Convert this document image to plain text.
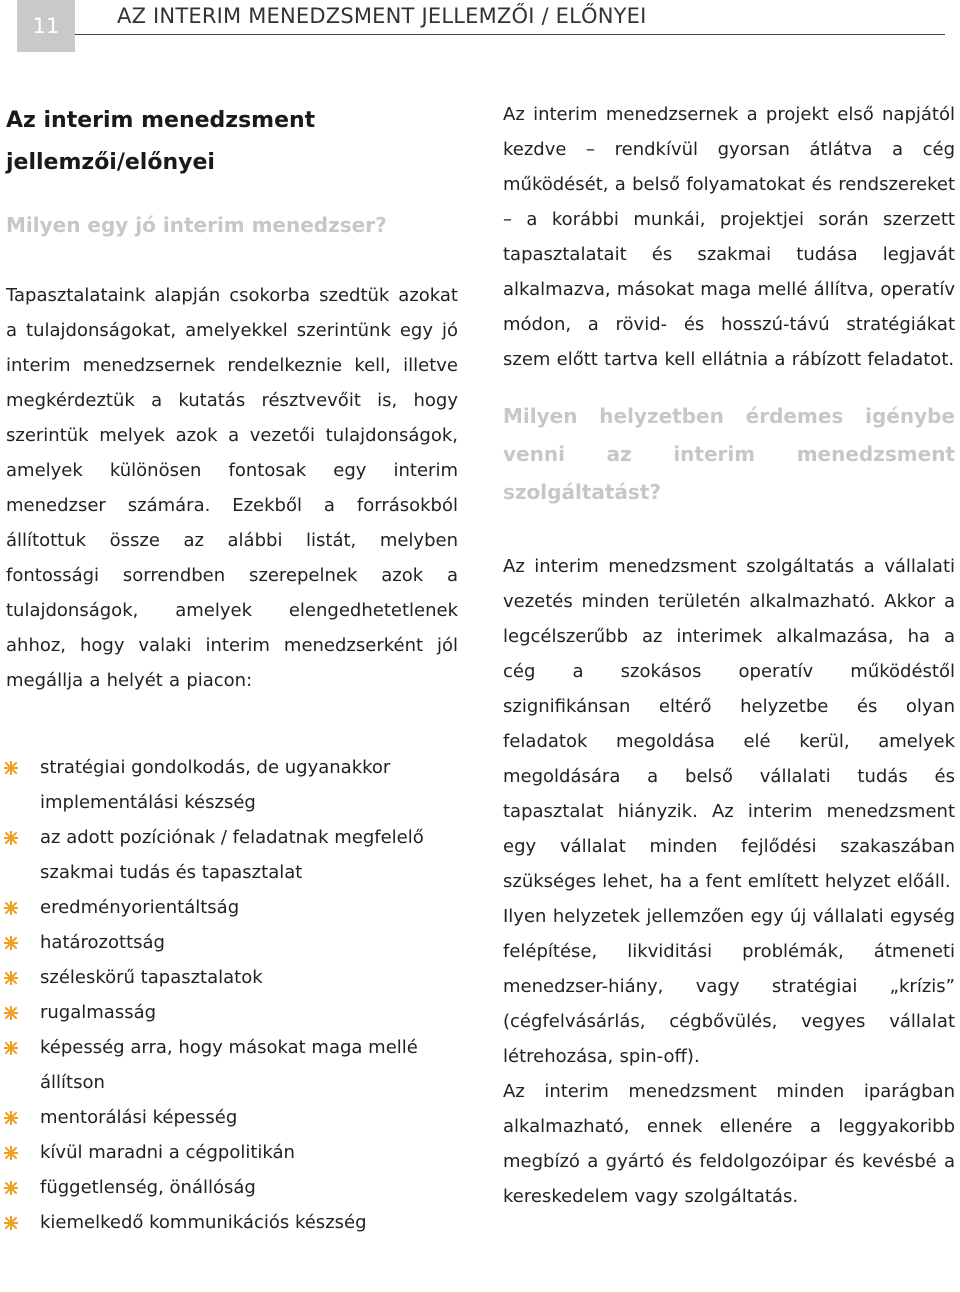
11	AZ INTERIM MENEDZSMENT JELLEMZŐI / ELŐNYEI
Az interim menedzsment jellemzői/előnyei
Milyen egy jó interim menedzser?

Tapasztalataink alapján csokorba szedtük azokat a tulajdonságokat, amelyekkel szerintünk egy jó interim menedzsernek rendelkeznie kell, illetve megkérdeztük a kutatás résztvevőit is, hogy szerintük melyek azok a vezetői tulajdonságok, amelyek különösen fontosak egy interim menedzser számára. Ezekből a forrásokból állítottuk össze az alábbi listát, melyben fontossági sorrendben szerepelnek azok a tulajdonságok, amelyek elengedhetetlenek ahhoz, hogy valaki interim menedzserként jól megállja a helyét a piacon:

stratégiai gondolkodás, de ugyanakkor implementálási készség
az adott pozíciónak / feladatnak megfelelő szakmai tudás és tapasztalat
eredményorientáltság
határozottság
széleskörű tapasztalatok
rugalmasság
képesség arra, hogy másokat maga mellé állítson
mentorálási képesség
kívül maradni a cégpolitikán
függetlenség, önállóság
kiemelkedő kommunikációs készség

Az interim menedzsernek a projekt első napjától kezdve – rendkívül gyorsan átlátva a cég működését, a belső folyamatokat és rendszereket – a korábbi munkái, projektjei során szerzett tapasztalatait és szakmai tudása legjavát alkalmazva, másokat maga mellé állítva, operatív módon, a rövid- és hosszú-távú stratégiákat szem előtt tartva kell ellátnia a rábízott feladatot.

Milyen helyzetben érdemes igénybe venni az interim menedzsment szolgáltatást?

Az interim menedzsment szolgáltatás a vállalati vezetés minden területén alkalmazható. Akkor a legcélszerűbb az interimek alkalmazása, ha a cég a szokásos operatív működéstől szignifikánsan eltérő helyzetbe és olyan feladatok megoldása elé kerül, amelyek megoldására a belső vállalati tudás és tapasztalat hiányzik. Az interim menedzsment egy vállalat minden fejlődési szakaszában szükséges lehet, ha a fent említett helyzet előáll.

Ilyen helyzetek jellemzően egy új vállalati egység felépítése, likviditási problémák, átmeneti menedzser-hiány, vagy stratégiai „krízis” (cégfelvásárlás, cégbővülés, vegyes vállalat létrehozása, spin-off).

Az interim menedzsment minden iparágban alkalmazható, ennek ellenére a leggyakoribb megbízó a gyártó és feldolgozóipar és kevésbé a kereskedelem vagy szolgáltatás.
